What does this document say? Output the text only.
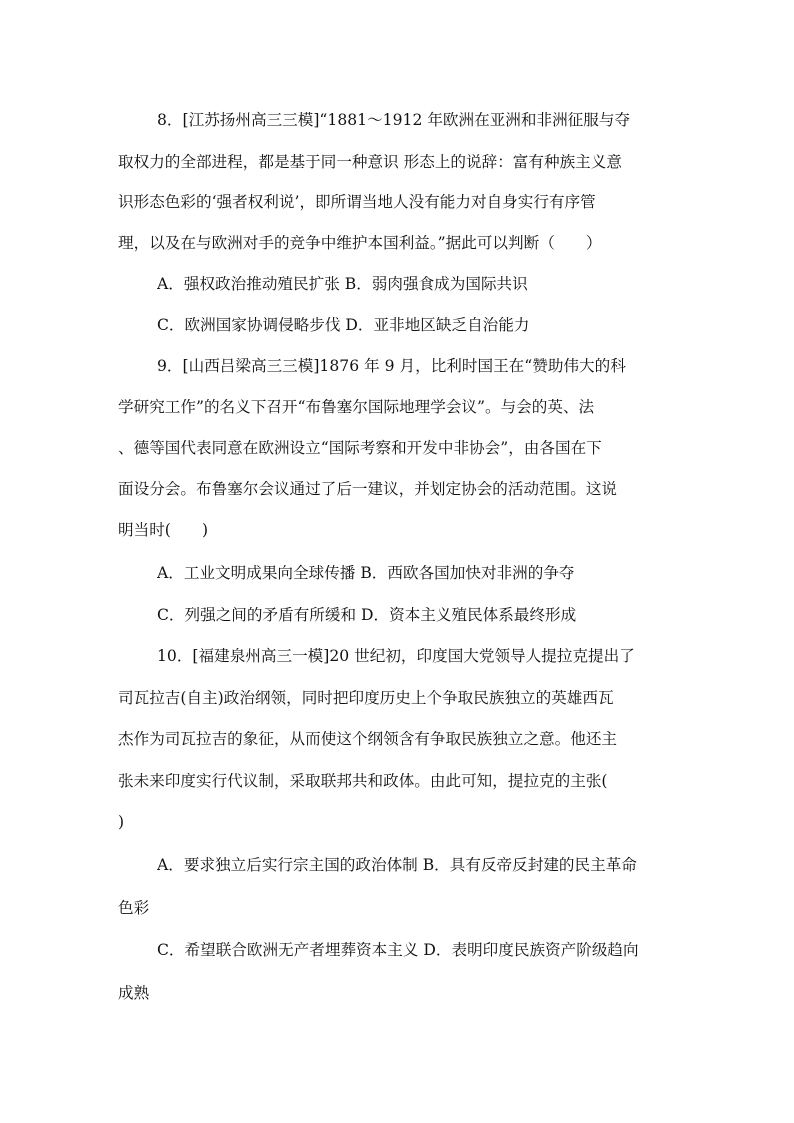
8．[江苏扬州高三三模]“1881～1912 年欧洲在亚洲和非洲征服与夺
取权力的全部进程，都是基于同一种意识 形态上的说辞：富有种族主义意
识形态色彩的‘强者权利说’，即所谓当地人没有能力对自身实行有序管
理，以及在与欧洲对手的竞争中维护本国利益。”据此可以判断（　　）
A．强权政治推动殖民扩张 B．弱肉强食成为国际共识
C．欧洲国家协调侵略步伐 D．亚非地区缺乏自治能力
9．[山西吕梁高三三模]1876 年 9 月，比利时国王在“赞助伟大的科
学研究工作”的名义下召开“布鲁塞尔国际地理学会议”。与会的英、法
、德等国代表同意在欧洲设立“国际考察和开发中非协会”，由各国在下
面设分会。布鲁塞尔会议通过了后一建议，并划定协会的活动范围。这说
明当时(　　)
A．工业文明成果向全球传播 B．西欧各国加快对非洲的争夺
C．列强之间的矛盾有所缓和 D．资本主义殖民体系最终形成
10．[福建泉州高三一模]20 世纪初，印度国大党领导人提拉克提出了
司瓦拉吉(自主)政治纲领，同时把印度历史上个争取民族独立的英雄西瓦
杰作为司瓦拉吉的象征，从而使这个纲领含有争取民族独立之意。他还主
张未来印度实行代议制，采取联邦共和政体。由此可知，提拉克的主张(
)
A．要求独立后实行宗主国的政治体制 B．具有反帝反封建的民主革命
色彩
C．希望联合欧洲无产者埋葬资本主义 D．表明印度民族资产阶级趋向
成熟
